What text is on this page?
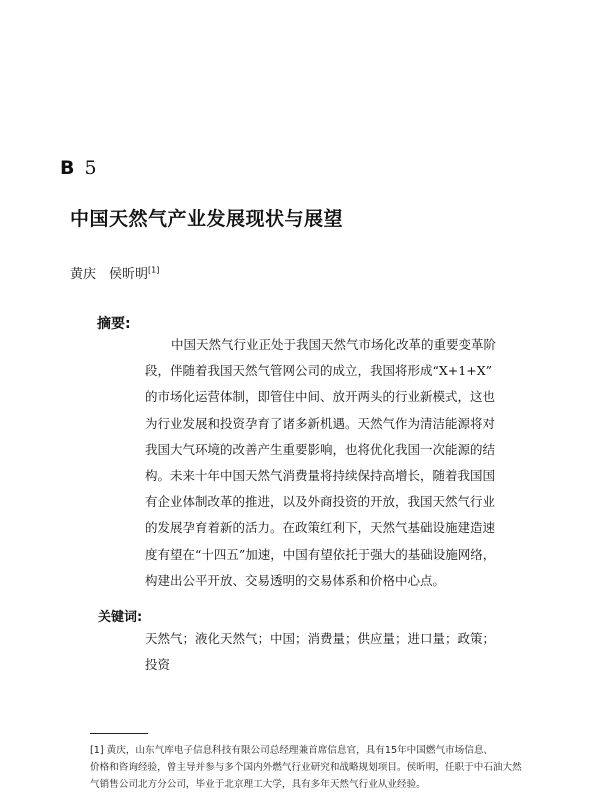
B 5
中国天然气产业发展现状与展望
黄庆　侯昕明[1]
摘要:
中国天然气行业正处于我国天然气市场化改革的重要变革阶
段，伴随着我国天然气管网公司的成立，我国将形成“X+1+X”
的市场化运营体制，即管住中间、放开两头的行业新模式，这也
为行业发展和投资孕育了诸多新机遇。天然气作为清洁能源将对
我国大气环境的改善产生重要影响，也将优化我国一次能源的结
构。未来十年中国天然气消费量将持续保持高增长，随着我国国
有企业体制改革的推进，以及外商投资的开放，我国天然气行业
的发展孕育着新的活力。在政策红利下，天然气基础设施建造速
度有望在“十四五”加速，中国有望依托于强大的基础设施网络，
构建出公平开放、交易透明的交易体系和价格中心点。
关键词:
天然气；液化天然气；中国；消费量；供应量；进口量；政策；
投资
[1] 黄庆，山东气库电子信息科技有限公司总经理兼首席信息官，具有15年中国燃气市场信息、
价格和咨询经验，曾主导并参与多个国内外燃气行业研究和战略规划项目。侯昕明，任职于中石油大然
气销售公司北方分公司，毕业于北京理工大学，具有多年天然气行业从业经验。
